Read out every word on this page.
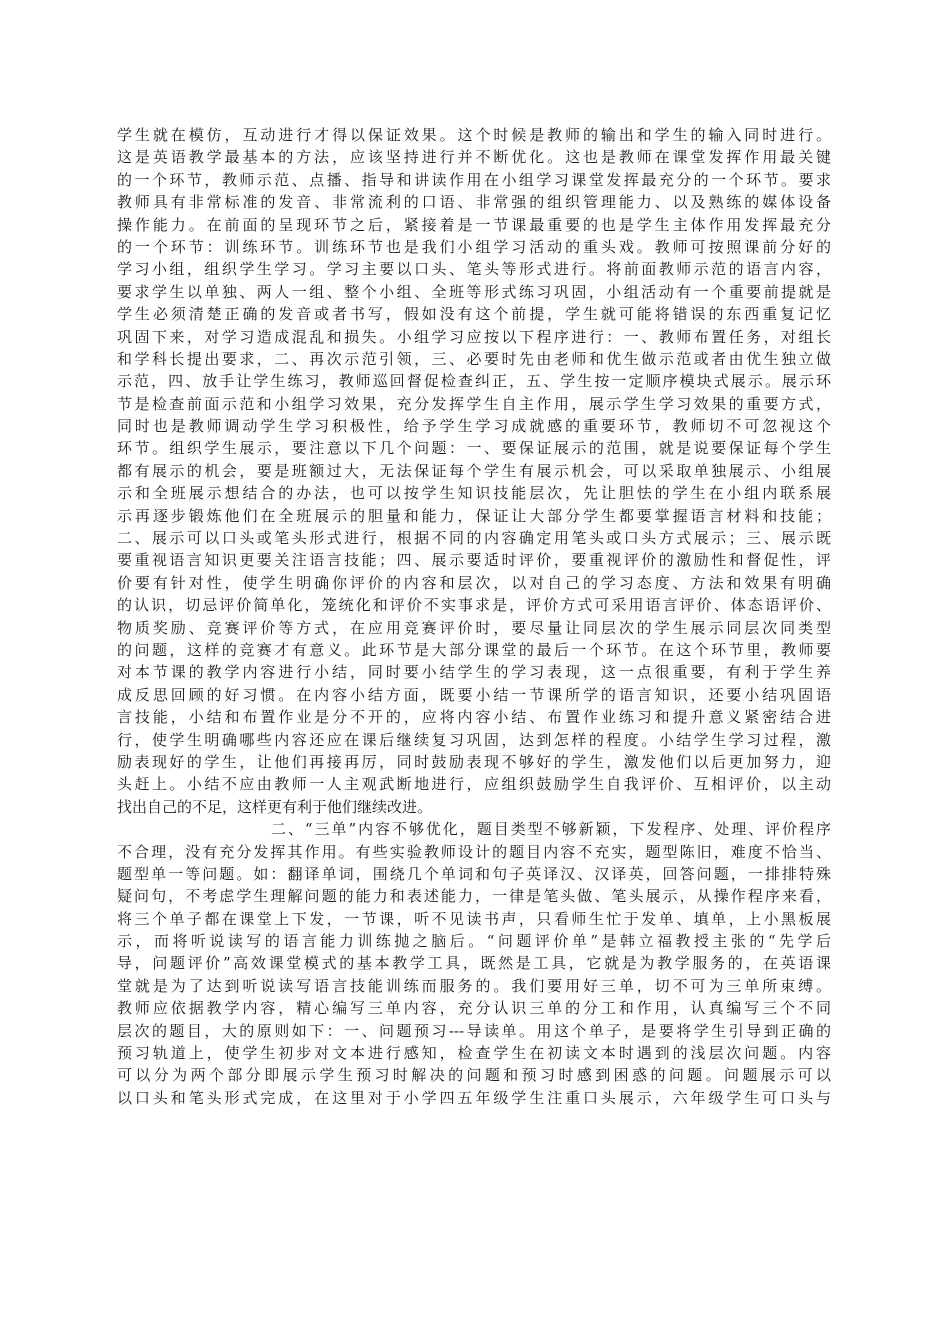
学生就在模仿，互动进行才得以保证效果。这个时候是教师的输出和学生的输入同时进行。
这是英语教学最基本的方法，应该坚持进行并不断优化。这也是教师在课堂发挥作用最关键
的一个环节，教师示范、点播、指导和讲读作用在小组学习课堂发挥最充分的一个环节。要求
教师具有非常标准的发音、非常流利的口语、非常强的组织管理能力、以及熟练的媒体设备
操作能力。在前面的呈现环节之后，紧接着是一节课最重要的也是学生主体作用发挥最充分
的一个环节：训练环节。训练环节也是我们小组学习活动的重头戏。教师可按照课前分好的
学习小组，组织学生学习。学习主要以口头、笔头等形式进行。将前面教师示范的语言内容，
要求学生以单独、两人一组、整个小组、全班等形式练习巩固，小组活动有一个重要前提就是
学生必须清楚正确的发音或者书写，假如没有这个前提，学生就可能将错误的东西重复记忆
巩固下来，对学习造成混乱和损失。小组学习应按以下程序进行：一、教师布置任务，对组长
和学科长提出要求，二、再次示范引领，三、必要时先由老师和优生做示范或者由优生独立做
示范，四、放手让学生练习，教师巡回督促检查纠正，五、学生按一定顺序模块式展示。展示环
节是检查前面示范和小组学习效果，充分发挥学生自主作用，展示学生学习效果的重要方式，
同时也是教师调动学生学习积极性，给予学生学习成就感的重要环节，教师切不可忽视这个
环节。组织学生展示，要注意以下几个问题：一、要保证展示的范围，就是说要保证每个学生
都有展示的机会，要是班额过大，无法保证每个学生有展示机会，可以采取单独展示、小组展
示和全班展示想结合的办法，也可以按学生知识技能层次，先让胆怯的学生在小组内联系展
示再逐步锻炼他们在全班展示的胆量和能力，保证让大部分学生都要掌握语言材料和技能；
二、展示可以口头或笔头形式进行，根据不同的内容确定用笔头或口头方式展示；三、展示既
要重视语言知识更要关注语言技能；四、展示要适时评价，要重视评价的激励性和督促性，评
价要有针对性，使学生明确你评价的内容和层次，以对自己的学习态度、方法和效果有明确
的认识，切忌评价简单化，笼统化和评价不实事求是，评价方式可采用语言评价、体态语评价、
物质奖励、竞赛评价等方式，在应用竞赛评价时，要尽量让同层次的学生展示同层次同类型
的问题，这样的竞赛才有意义。此环节是大部分课堂的最后一个环节。在这个环节里，教师要
对本节课的教学内容进行小结，同时要小结学生的学习表现，这一点很重要，有利于学生养
成反思回顾的好习惯。在内容小结方面，既要小结一节课所学的语言知识，还要小结巩固语
言技能，小结和布置作业是分不开的，应将内容小结、布置作业练习和提升意义紧密结合进
行，使学生明确哪些内容还应在课后继续复习巩固，达到怎样的程度。小结学生学习过程，激
励表现好的学生，让他们再接再厉，同时鼓励表现不够好的学生，激发他们以后更加努力，迎
头赶上。小结不应由教师一人主观武断地进行，应组织鼓励学生自我评价、互相评价，以主动
找出自己的不足，这样更有利于他们继续改进。
二、“三单”内容不够优化，题目类型不够新颖，下发程序、处理、评价程序
不合理，没有充分发挥其作用。有些实验教师设计的题目内容不充实，题型陈旧，难度不恰当、
题型单一等问题。如：翻译单词，围绕几个单词和句子英译汉、汉译英，回答问题，一排排特殊
疑问句，不考虑学生理解问题的能力和表述能力，一律是笔头做、笔头展示，从操作程序来看，
将三个单子都在课堂上下发，一节课，听不见读书声，只看师生忙于发单、填单，上小黑板展
示，而将听说读写的语言能力训练抛之脑后。“问题评价单”是韩立福教授主张的“先学后
导，问题评价”高效课堂模式的基本教学工具，既然是工具，它就是为教学服务的，在英语课
堂就是为了达到听说读写语言技能训练而服务的。我们要用好三单，切不可为三单所束缚。
教师应依据教学内容，精心编写三单内容，充分认识三单的分工和作用，认真编写三个不同
层次的题目，大的原则如下：一、问题预习---导读单。用这个单子，是要将学生引导到正确的
预习轨道上，使学生初步对文本进行感知，检查学生在初读文本时遇到的浅层次问题。内容
可以分为两个部分即展示学生预习时解决的问题和预习时感到困惑的问题。问题展示可以
以口头和笔头形式完成，在这里对于小学四五年级学生注重口头展示，六年级学生可口头与
